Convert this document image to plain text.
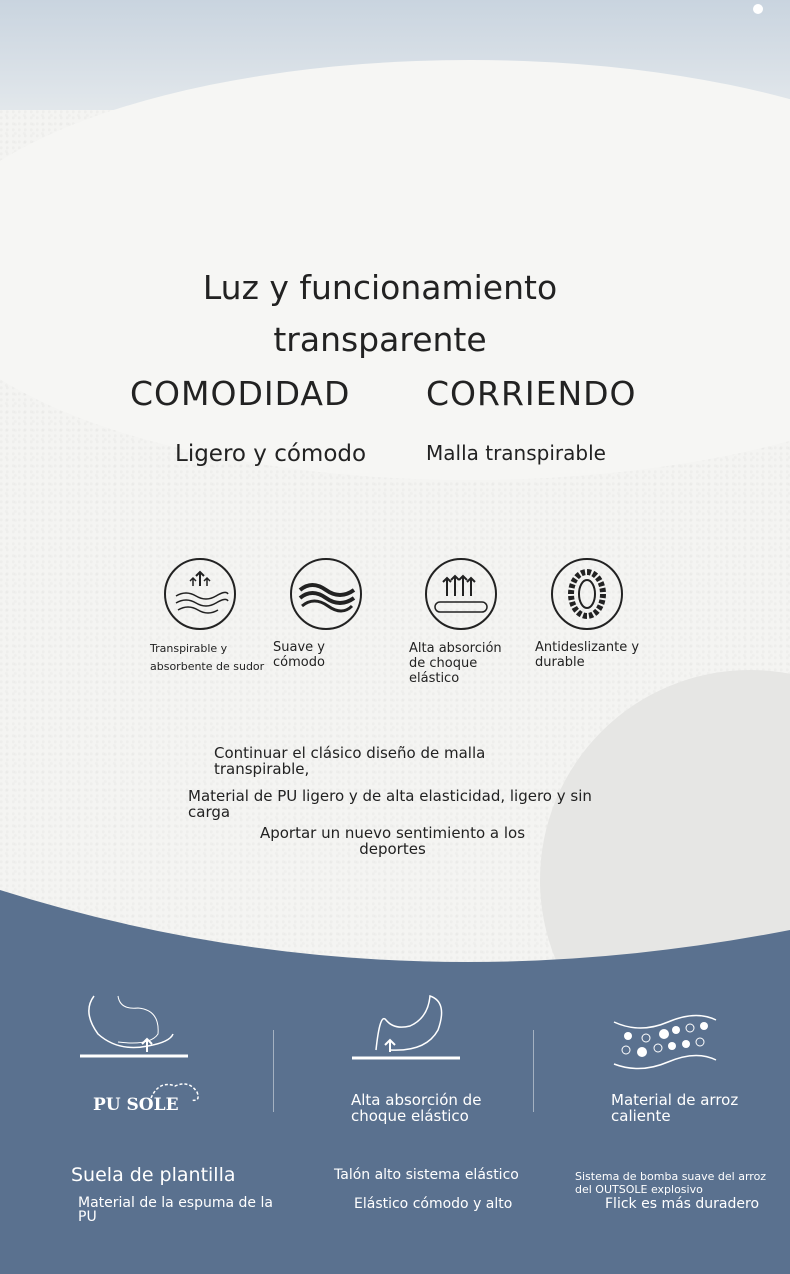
Luz y funcionamiento
transparente
COMODIDAD CORRIENDO
Ligero y cómodo	Malla transpirable
Transpirable y absorbente de sudor
Suave y cómodo
Alta absorción de choque elástico
Antideslizante y durable
Continuar el clásico diseño de malla transpirable,
Material de PU ligero y de alta elasticidad, ligero y sin carga
Aportar un nuevo sentimiento a los deportes
PU SOLE	Alta absorción de choque elástico
Material de arroz caliente
Suela de plantilla
Material de la espuma de la PU
Talón alto sistema elástico
Elástico cómodo y alto
Sistema de bomba suave del arroz del OUTSOLE explosivo
Flick es más duradero
